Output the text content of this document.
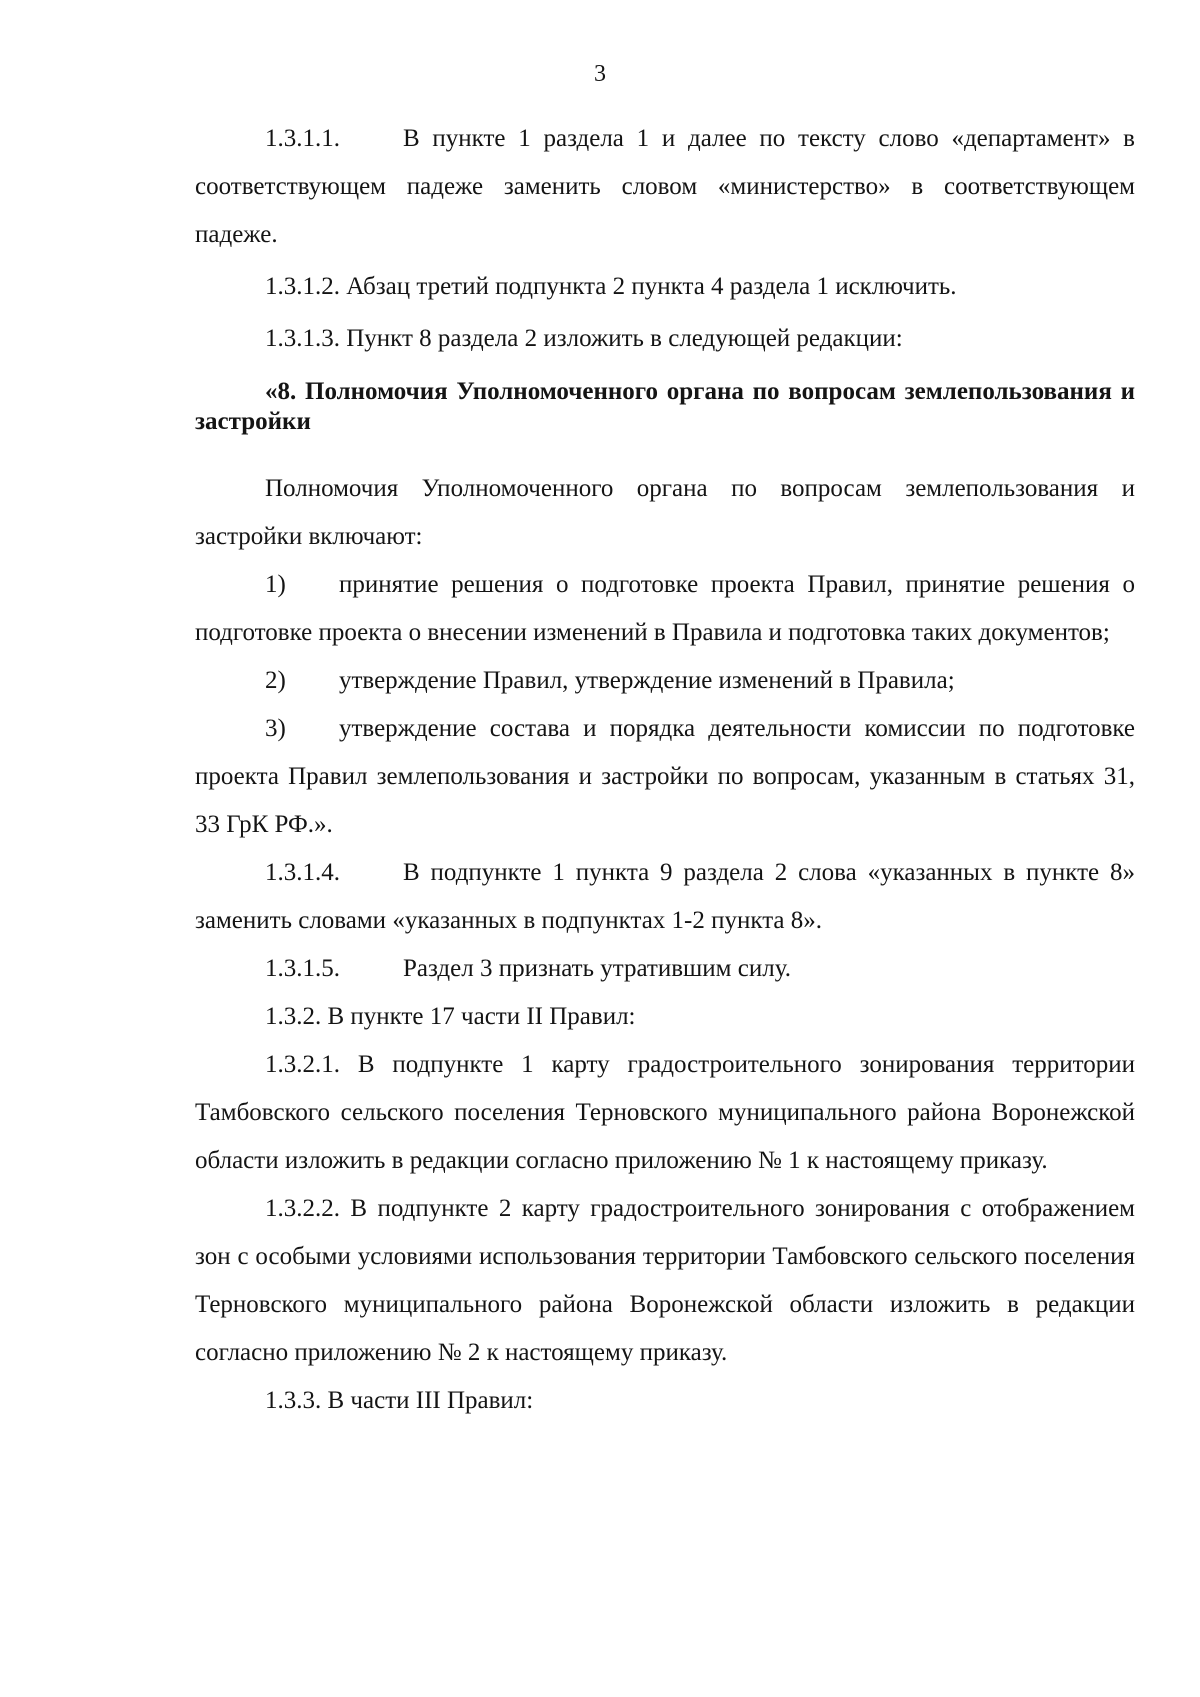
3

1.3.1.1.	В пункте 1 раздела 1 и далее по тексту слово «департамент» в соответствующем падеже заменить словом «министерство» в соответствующем падеже.

1.3.1.2. Абзац третий подпункта 2 пункта 4 раздела 1 исключить.

1.3.1.3. Пункт 8 раздела 2 изложить в следующей редакции:

«8. Полномочия Уполномоченного органа по вопросам землепользования и застройки

Полномочия Уполномоченного органа по вопросам землепользования и застройки включают:

1) принятие решения о подготовке проекта Правил, принятие решения о подготовке проекта о внесении изменений в Правила и подготовка таких документов;

2) утверждение Правил, утверждение изменений в Правила;

3) утверждение состава и порядка деятельности комиссии по подготовке проекта Правил землепользования и застройки по вопросам, указанным в статьях 31, 33 ГрК РФ.».

1.3.1.4.	В подпункте 1 пункта 9 раздела 2 слова «указанных в пункте 8» заменить словами «указанных в подпунктах 1-2 пункта 8».

1.3.1.5.	Раздел 3 признать утратившим силу.

1.3.2. В пункте 17 части II Правил:

1.3.2.1. В подпункте 1 карту градостроительного зонирования территории Тамбовского сельского поселения Терновского муниципального района Воронежской области изложить в редакции согласно приложению № 1 к настоящему приказу.

1.3.2.2. В подпункте 2 карту градостроительного зонирования с отображением зон с особыми условиями использования территории Тамбовского сельского поселения Терновского муниципального района Воронежской области изложить в редакции согласно приложению № 2 к настоящему приказу.

1.3.3. В части III Правил:
